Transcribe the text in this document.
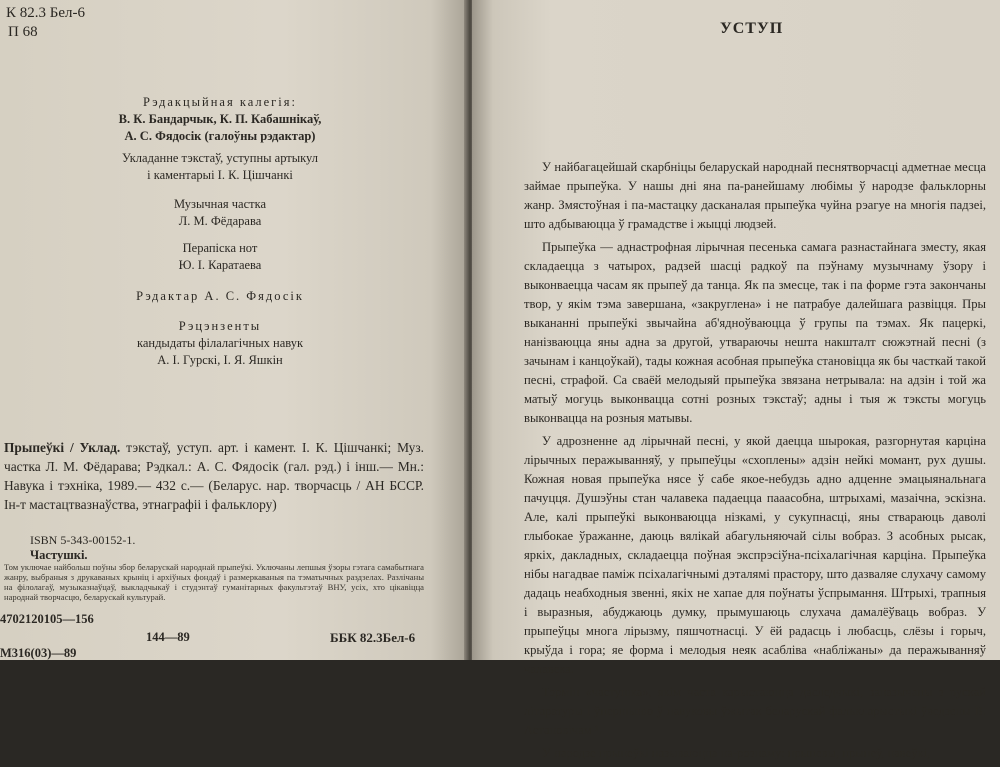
К 82.3 Бел-6
П 68
Рэдакцыйная калегія:
В. К. Бандарчык, К. П. Кабашнікаў,
А. С. Фядосік (галоўны рэдактар)
Укладанне тэкстаў, уступны артыкул
і каментарыі І. К. Цішчанкі
Музычная частка
Л. М. Фёдарава
Перапіска нот
Ю. І. Каратаева
Рэдактар А. С. Фядосік
Рэцэнзенты
кандыдаты філалагічных навук
А. І. Гурскі, І. Я. Яшкін
Прыпеўкі / Уклад. тэкстаў, уступ. арт. і камент. І. К. Цішчанкі; Муз. частка Л. М. Фёдарава; Рэдкал.: А. С. Фядосік (гал. рэд.) і інш.— Мн.: Навука і тэхніка, 1989.— 432 с.— (Беларус. нар. творчасць / АН БССР. Ін-т мастацтвазнаўства, этнаграфіі і фальклору)
ISBN 5-343-00152-1.
Частушкі.
Том уключае найбольш поўны збор беларускай народнай прыпеўкі. Уключаны лепшыя ўзоры гэтага самабытнага жанру, выбраныя з друкаваных крыніц і архіўных фондаў і размеркаваныя па тэматычных раздзелах. Разлічаны на філолагаў, музыказнаўцаў, выкладчыкаў і студэнтаў гуманітарных факультэтаў ВНУ, усіх, хто цікавіцца народнай творчасцю, беларускай культурай.
4702120105—156
144—89	ББК 82.3Бел-6
М316(03)—89
УСТУП

У найбагацейшай скарбніцы беларускай народнай песнятворчасці адметнае месца займае прыпеўка. У нашы дні яна па-ранейшаму любімы ў народзе фальклорны жанр. Змястоўная і па-мастацку дасканалая прыпеўка чуйна рэагуе на многія падзеі, што адбываюцца ў грамадстве і жыцці людзей.

Прыпеўка — аднастрофная лірычная песенька самага разнастайнага зместу, якая складаецца з чатырох, радзей шасці радкоў па пэўнаму музычнаму ўзору і выконваецца часам як прыпеў да танца. Як па змесце, так і па форме гэта закончаны твор, у якім тэма завершана, «закруглена» і не патрабуе далейшага развіцця. Пры выкананні прыпеўкі звычайна аб'ядноўваюцца ў групы па тэмах. Як пацеркі, нанізваюцца яны адна за другой, утвараючы нешта накшталт сюжэтнай песні (з зачынам і канцоўкай), тады кожная асобная прыпеўка становіцца як бы часткай такой песні, страфой. Са сваёй мелодыяй прыпеўка звязана нетрывала: на адзін і той жа матыў могуць выконвацца сотні розных тэкстаў; адны і тыя ж тэксты могуць выконвацца на розныя матывы.

У адрозненне ад лірычнай песні, у якой даецца шырокая, разгорнутая карціна лірычных перажыванняў, у прыпеўцы «схоплены» адзін нейкі момант, рух душы. Кожная новая прыпеўка нясе ў сабе якое-небудзь адно адценне эмацыянальнага пачуцця. Душэўны стан чалавека падаецца пааасобна, штрыхамі, мазаічна, эскізна. Але, калі прыпеўкі выконваюцца нізкамі, у сукупнасці, яны ствараюць даволі глыбокае ўражанне, даюць вялікай абагульняючай сілы вобраз. З асобных рысак, яркіх, дакладных, складаецца поўная экспрэсіўна-псіхалагічная карціна. Прыпеўка нібы нагадвае паміж псіхалагічнымі дэталямі прастору, што дазваляе слухачу самому дадаць неабходныя звенні, якіх не хапае для поўнаты ўспрымання. Штрыхі, трапныя і выразныя, абуджаюць думку, прымушаюць слухача дамалёўваць вобраз. У прыпеўцы многа лірызму, пяшчотнасці. У ёй радасць і любасць, слёзы і горыч, крыўда і гора; яе форма і мелодыя неяк асабліва «набліжаны» да перажыванняў чалавека.

Тэрмін «частушка», якім часта карыстаюцца даследчыкі, запазычаны з рускай літаратуры і ўпершыню ў навуковы ўжытак беларускай фалькларыстыкі ўведзены В. Астаповічам ¹.

У народзе прыпеўкі называюцца па-рознаму: прыпевы, прыпеў, павеўкі,
